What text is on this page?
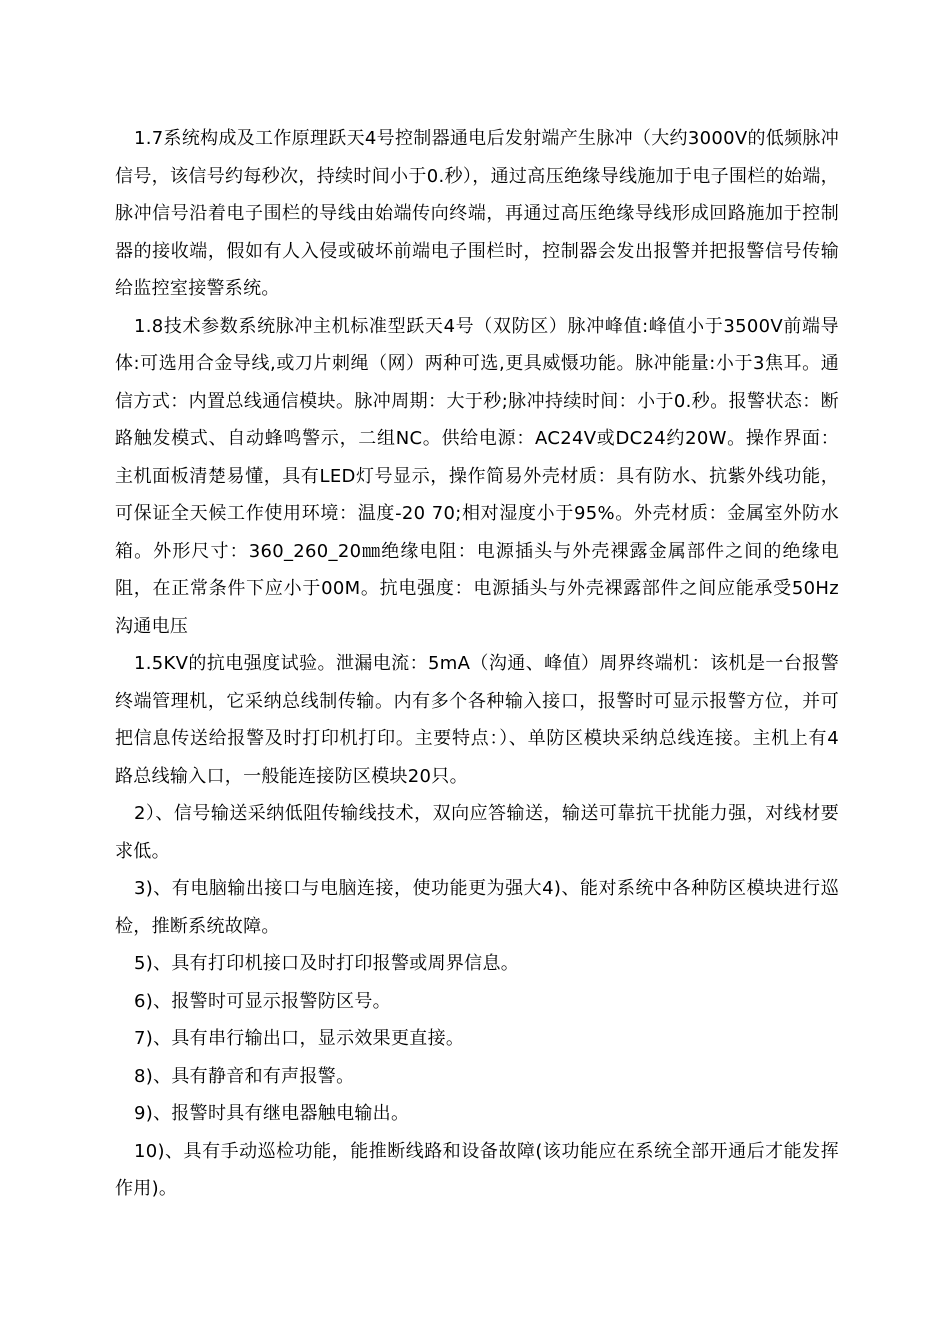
1.7系统构成及工作原理跃天4号控制器通电后发射端产生脉冲（大约3000V的低频脉冲信号，该信号约每秒次，持续时间小于0.秒），通过高压绝缘导线施加于电子围栏的始端，脉冲信号沿着电子围栏的导线由始端传向终端，再通过高压绝缘导线形成回路施加于控制器的接收端，假如有人入侵或破坏前端电子围栏时，控制器会发出报警并把报警信号传输给监控室接警系统。

1.8技术参数系统脉冲主机标准型跃天4号（双防区）脉冲峰值:峰值小于3500V前端导体:可选用合金导线,或刀片刺绳（网）两种可选,更具威慑功能。脉冲能量:小于3焦耳。通信方式：内置总线通信模块。脉冲周期：大于秒;脉冲持续时间：小于0.秒。报警状态：断路触发模式、自动蜂鸣警示，二组NC。供给电源：AC24V或DC24约20W。操作界面：主机面板清楚易懂，具有LED灯号显示，操作简易外壳材质：具有防水、抗紫外线功能，可保证全天候工作使用环境：温度-20 70;相对湿度小于95%。外壳材质：金属室外防水箱。外形尺寸：360_260_20㎜绝缘电阻：电源插头与外壳裸露金属部件之间的绝缘电阻，在正常条件下应小于00M。抗电强度：电源插头与外壳裸露部件之间应能承受50Hz沟通电压

1.5KV的抗电强度试验。泄漏电流：5mA（沟通、峰值）周界终端机：该机是一台报警终端管理机，它采纳总线制传输。内有多个各种输入接口，报警时可显示报警方位，并可把信息传送给报警及时打印机打印。主要特点：）、单防区模块采纳总线连接。主机上有4路总线输入口，一般能连接防区模块20只。

2）、信号输送采纳低阻传输线技术，双向应答输送，输送可靠抗干扰能力强，对线材要求低。

3)、有电脑输出接口与电脑连接，使功能更为强大4)、能对系统中各种防区模块进行巡检，推断系统故障。

5)、具有打印机接口及时打印报警或周界信息。

6)、报警时可显示报警防区号。

7)、具有串行输出口，显示效果更直接。

8)、具有静音和有声报警。

9)、报警时具有继电器触电输出。

10)、具有手动巡检功能，能推断线路和设备故障(该功能应在系统全部开通后才能发挥作用)。
